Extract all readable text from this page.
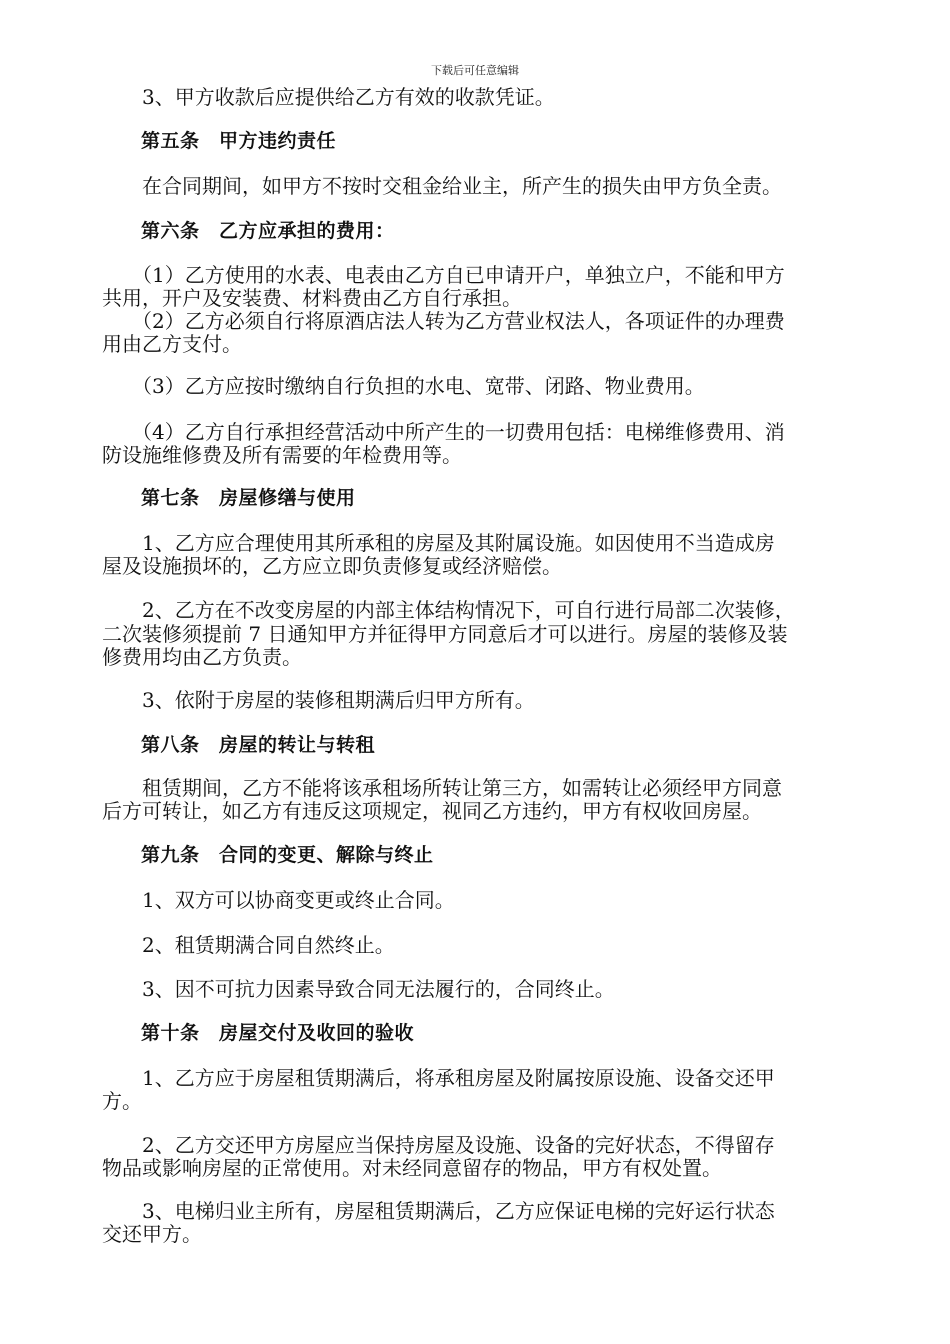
下载后可任意编辑
　　3、甲方收款后应提供给乙方有效的收款凭证。
　　第五条　甲方违约责任
　　在合同期间，如甲方不按时交租金给业主，所产生的损失由甲方负全责。
　　第六条　乙方应承担的费用：
　　（1）乙方使用的水表、电表由乙方自已申请开户，单独立户，不能和甲方
共用，开户及安装费、材料费由乙方自行承担。
　　（2）乙方必须自行将原酒店法人转为乙方营业权法人，各项证件的办理费
用由乙方支付。
　　（3）乙方应按时缴纳自行负担的水电、宽带、闭路、物业费用。
　　（4）乙方自行承担经营活动中所产生的一切费用包括：电梯维修费用、消
防设施维修费及所有需要的年检费用等。
　　第七条　房屋修缮与使用
　　1、乙方应合理使用其所承租的房屋及其附属设施。如因使用不当造成房
屋及设施损坏的，乙方应立即负责修复或经济赔偿。
　　2、乙方在不改变房屋的内部主体结构情况下，可自行进行局部二次装修，
二次装修须提前 7 日通知甲方并征得甲方同意后才可以进行。房屋的装修及装
修费用均由乙方负责。
　　3、依附于房屋的装修租期满后归甲方所有。
　　第八条　房屋的转让与转租
　　租赁期间，乙方不能将该承租场所转让第三方，如需转让必须经甲方同意
后方可转让，如乙方有违反这项规定，视同乙方违约，甲方有权收回房屋。
　　第九条　合同的变更、解除与终止
　　1、双方可以协商变更或终止合同。
　　2、租赁期满合同自然终止。
　　3、因不可抗力因素导致合同无法履行的，合同终止。
　　第十条　房屋交付及收回的验收
　　1、乙方应于房屋租赁期满后，将承租房屋及附属按原设施、设备交还甲
方。
　　2、乙方交还甲方房屋应当保持房屋及设施、设备的完好状态，不得留存
物品或影响房屋的正常使用。对未经同意留存的物品，甲方有权处置。
　　3、电梯归业主所有，房屋租赁期满后，乙方应保证电梯的完好运行状态
交还甲方。
